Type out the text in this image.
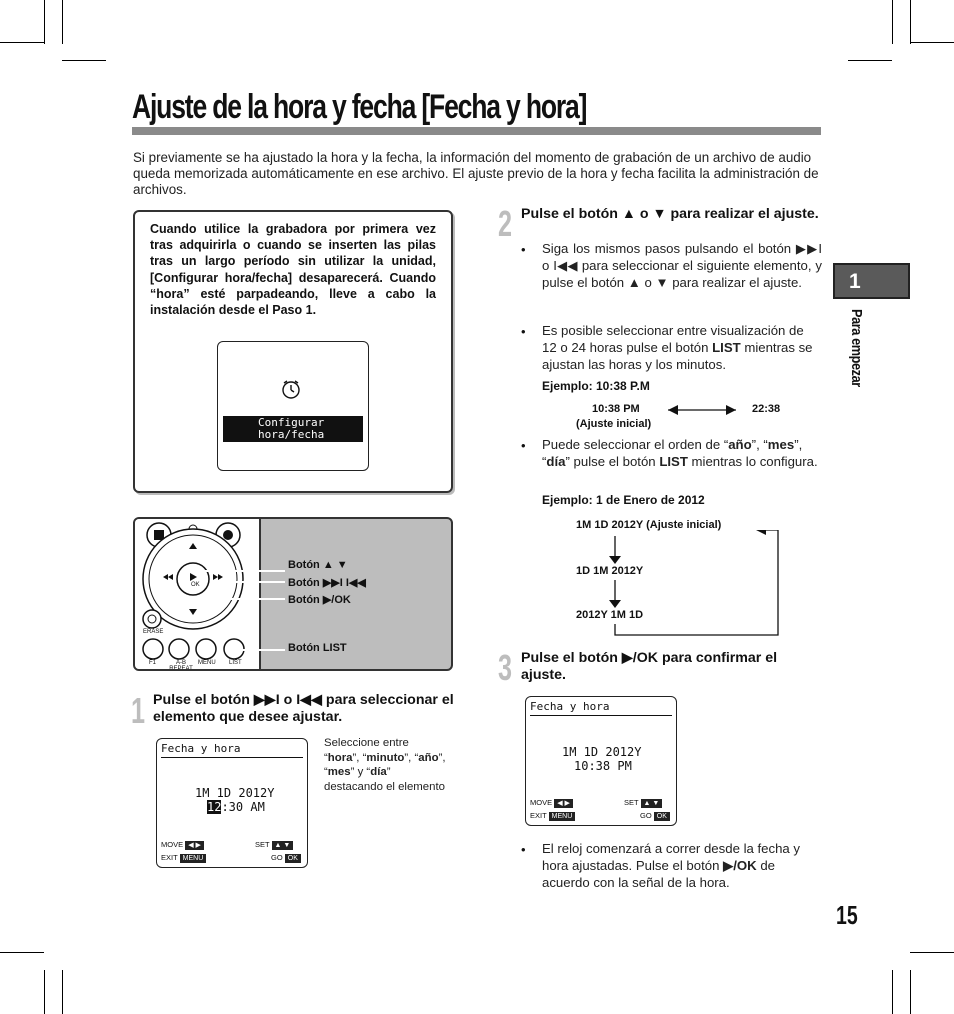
Ajuste de la hora y fecha [Fecha y hora]
Si previamente se ha ajustado la hora y la fecha, la información del momento de grabación de un archivo de audio queda memorizada automáticamente en ese archivo. El ajuste previo de la hora y fecha facilita la administración de archivos.
Cuando utilice la grabadora por primera vez tras adquirirla o cuando se inserten las pilas tras un largo período sin utilizar la unidad, [Configurar hora/fecha] desaparecerá. Cuando “hora” esté parpadeando, lleve a cabo la instalación desde el Paso 1.
Configurar
hora/fecha
ERASE
OK
F1	A-B REPEAT
MENU LIST
Botón ▲ ▼
Botón ▶▶I I◀◀
Botón ▶/OK
Botón LIST
1 Pulse el botón ▶▶I o I◀◀ para seleccionar el elemento que desee ajustar.
Fecha y hora
1M 1D 2012Y
12:30 AM
MOVE ◀ ▶	SET ▲ ▼
EXIT MENU	GO OK
Seleccione entre “hora”, “minuto”, “año”, “mes” y “día” destacando el elemento
2 Pulse el botón ▲ o ▼ para realizar el ajuste.
• Siga los mismos pasos pulsando el botón ▶▶I o I◀◀ para seleccionar el siguiente elemento, y pulse el botón ▲ o ▼ para realizar el ajuste.
• Es posible seleccionar entre visualización de 12 o 24 horas pulse el botón LIST mientras se ajustan las horas y los minutos.
Ejemplo: 10:38 P.M
10:38 PM	22:38
(Ajuste inicial)
• Puede seleccionar el orden de “año”, “mes”, “día” pulse el botón LIST mientras lo configura.
Ejemplo: 1 de Enero de 2012
1M 1D 2012Y (Ajuste inicial)
1D 1M 2012Y
2012Y 1M 1D
3 Pulse el botón ▶/OK para confirmar el ajuste.
Fecha y hora
1M 1D 2012Y
10:38 PM
MOVE ◀ ▶	SET ▲ ▼
EXIT MENU	GO OK
• El reloj comenzará a correr desde la fecha y hora ajustadas. Pulse el botón ▶/OK de acuerdo con la señal de la hora.
1
Para empezar
15
